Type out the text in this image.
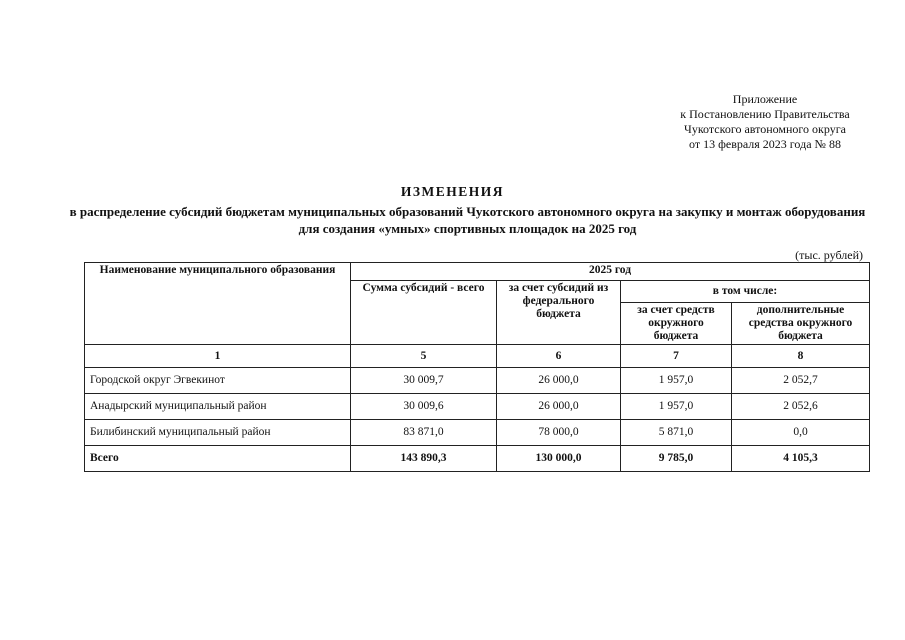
Приложение
к Постановлению Правительства
Чукотского автономного округа
от 13 февраля 2023 года № 88
ИЗМЕНЕНИЯ
в распределение субсидий бюджетам муниципальных образований Чукотского автономного округа на закупку и монтаж оборудования для создания «умных» спортивных площадок на 2025 год
(тыс. рублей)
Наименование муниципального образования	2025 год			
	Сумма субсидий - всего	за счет субсидий из федерального бюджета	в том числе:	
			за счет средств окружного бюджета	дополнительные средства окружного бюджета
1	5	6	7	8
Городской округ Эгвекинот	30 009,7	26 000,0	1 957,0	2 052,7
Анадырский муниципальный район	30 009,6	26 000,0	1 957,0	2 052,6
Билибинский муниципальный район	83 871,0	78 000,0	5 871,0	0,0
Всего	143 890,3	130 000,0	9 785,0	4 105,3
